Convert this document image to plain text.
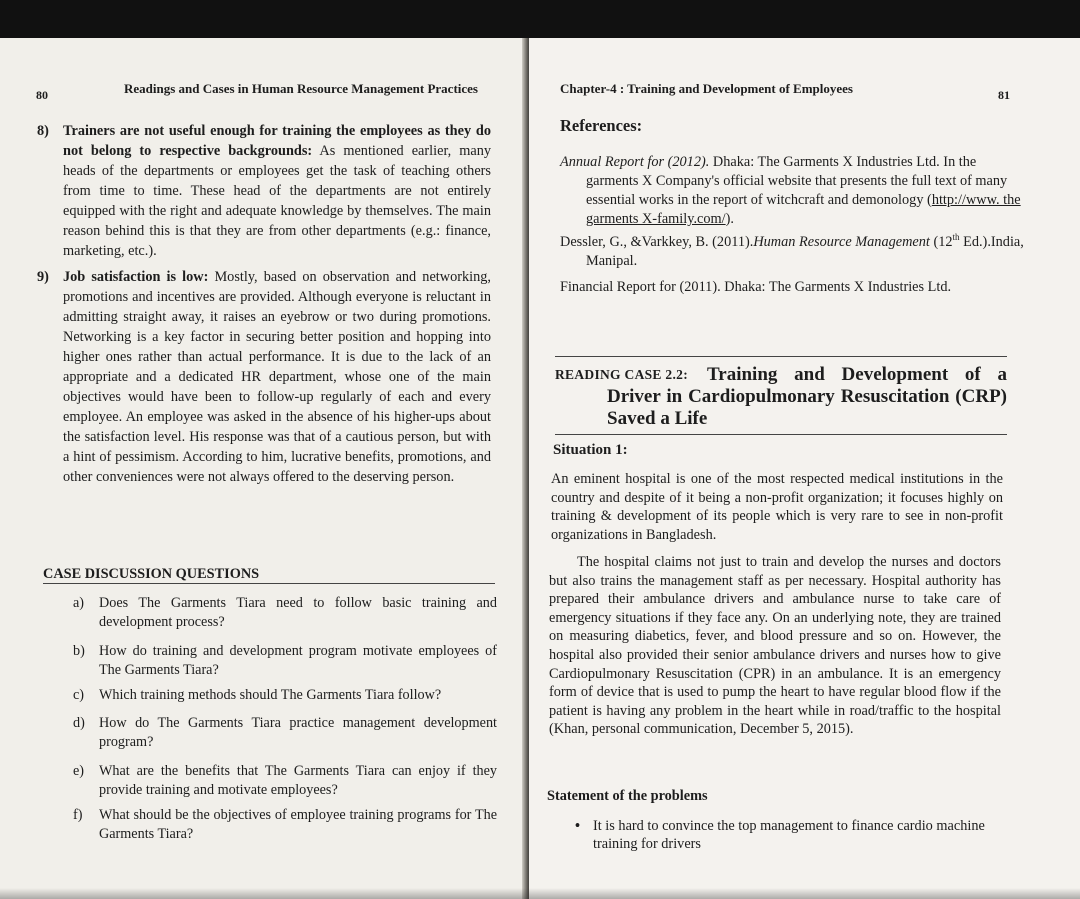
80	Readings and Cases in Human Resource Management Practices
8) Trainers are not useful enough for training the employees as they do not belong to respective backgrounds: As mentioned earlier, many heads of the departments or employees get the task of teaching others from time to time. These head of the departments are not entirely equipped with the right and adequate knowledge by themselves. The main reason behind this is that they are from other departments (e.g.: finance, marketing, etc.).
9) Job satisfaction is low: Mostly, based on observation and networking, promotions and incentives are provided. Although everyone is reluctant in admitting straight away, it raises an eyebrow or two during promotions. Networking is a key factor in securing better position and hopping into higher ones rather than actual performance. It is due to the lack of an appropriate and a dedicated HR department, whose one of the main objectives would have been to follow-up regularly of each and every employee. An employee was asked in the absence of his higher-ups about the satisfaction level. His response was that of a cautious person, but with a hint of pessimism. According to him, lucrative benefits, promotions, and other conveniences were not always offered to the deserving person.
CASE DISCUSSION QUESTIONS
a) Does The Garments Tiara need to follow basic training and development process?
b) How do training and development program motivate employees of The Garments Tiara?
c) Which training methods should The Garments Tiara follow?
d) How do The Garments Tiara practice management development program?
e) What are the benefits that The Garments Tiara can enjoy if they provide training and motivate employees?
f) What should be the objectives of employee training programs for The Garments Tiara?
Chapter-4 : Training and Development of Employees	81
References:
Annual Report for (2012). Dhaka: The Garments X Industries Ltd. In the garments X Company's official website that presents the full text of many essential works in the report of witchcraft and demonology (http://www. the garments X-family.com/).
Dessler, G., &Varkkey, B. (2011).Human Resource Management (12th Ed.).India, Manipal.
Financial Report for (2011). Dhaka: The Garments X Industries Ltd.
READING CASE 2.2:	Training and Development of a Driver in Cardiopulmonary Resuscitation (CRP) Saved a Life
Situation 1:
An eminent hospital is one of the most respected medical institutions in the country and despite of it being a non-profit organization; it focuses highly on training & development of its people which is very rare to see in non-profit organizations in Bangladesh.
The hospital claims not just to train and develop the nurses and doctors but also trains the management staff as per necessary. Hospital authority has prepared their ambulance drivers and ambulance nurse to take care of emergency situations if they face any. On an underlying note, they are trained on measuring diabetics, fever, and blood pressure and so on. However, the hospital also provided their senior ambulance drivers and nurses how to give Cardiopulmonary Resuscitation (CPR) in an ambulance. It is an emergency form of device that is used to pump the heart to have regular blood flow if the patient is having any problem in the heart while in road/traffic to the hospital (Khan, personal communication, December 5, 2015).
Statement of the problems
• It is hard to convince the top management to finance cardio machine training for drivers
